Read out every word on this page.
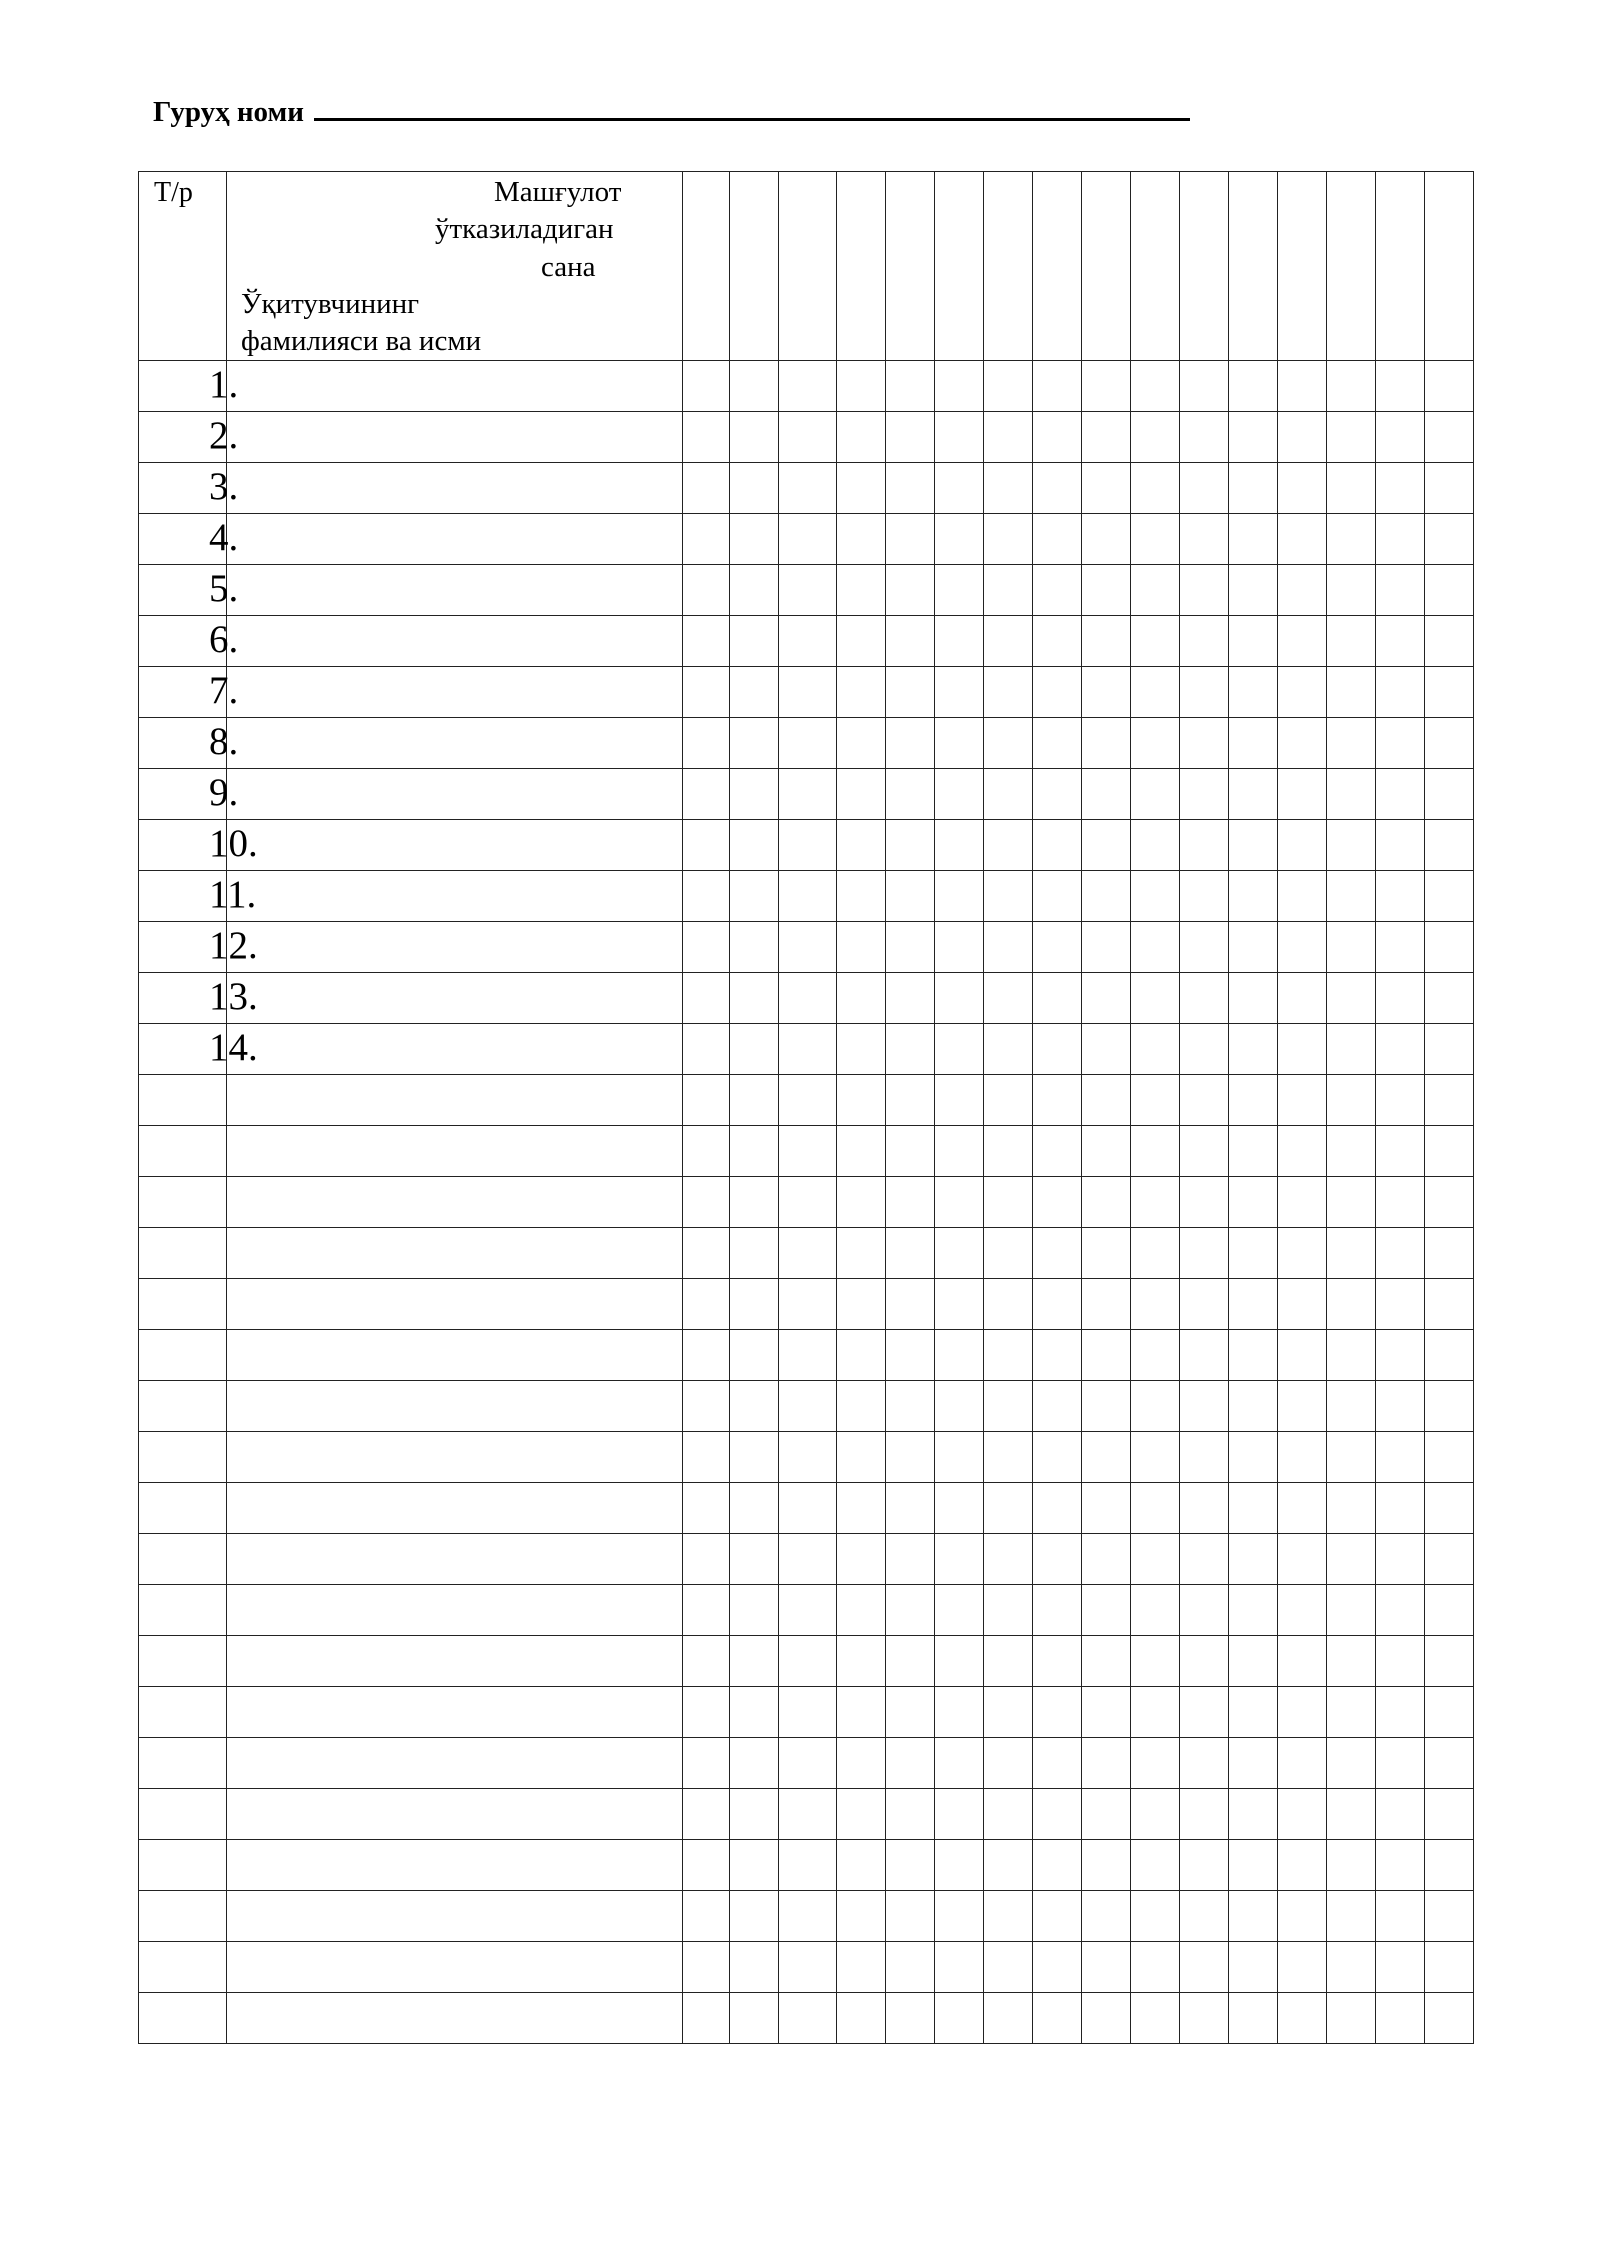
Гуруҳ номи
Т/р	Машғулот
ўтказиладиган
сана
Ўқитувчининг
фамилияси ва исми																

1.																	

2.																	

3.																	

4.																	

5.																	

6.																	

7.																	

8.																	

9.																	

10.																	

11.																	

12.																	

13.																	

14.																	
